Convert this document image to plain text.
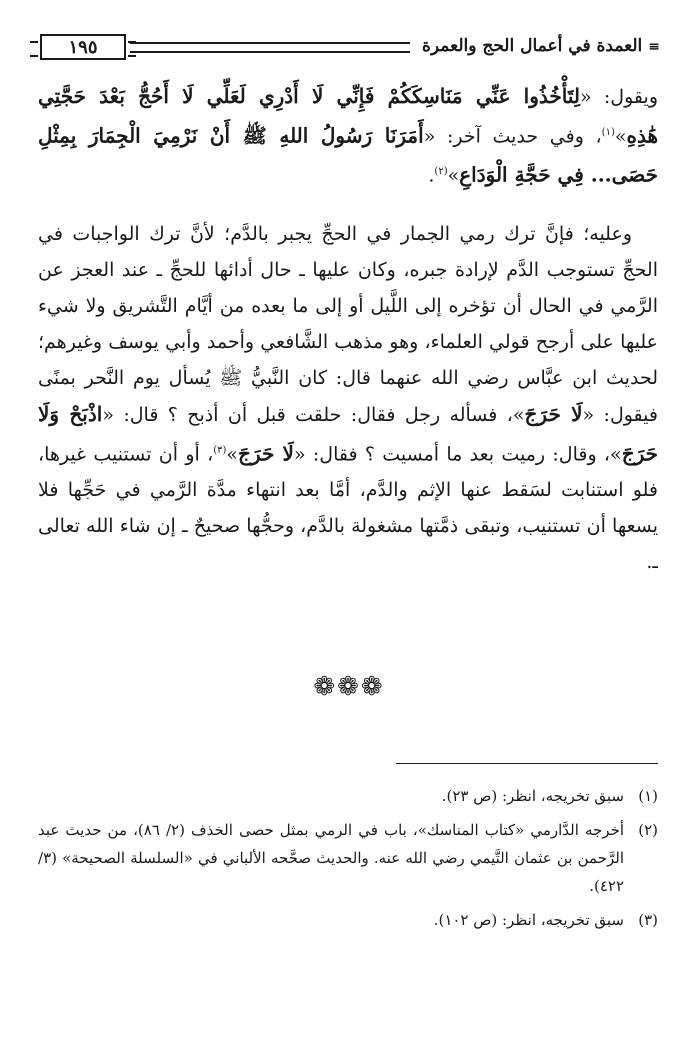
≡العمدة في أعمال الحج والعمرة
١٩٥

ويقول: «لِتَأْخُذُوا عَنِّي مَنَاسِكَكُمْ فَإِنِّي لَا أَدْرِي لَعَلِّي لَا أَحُجُّ بَعْدَ حَجَّتِي هَٰذِهِ»$^{(١)}$، وفي حديث آخر: «أَمَرَنَا رَسُولُ اللهِ ﷺ أَنْ نَرْمِيَ الْجِمَارَ بِمِثْلِ حَصَى... فِي حَجَّةِ الْوَدَاعِ»$^{(٢)}$.

وعليه؛ فإنَّ ترك رمي الجمار في الحجِّ يجبر بالدَّم؛ لأنَّ ترك الواجبات في الحجِّ تستوجب الدَّم لإرادة جبره، وكان عليها ـ حال أدائها للحجِّ ـ عند العجز عن الرَّمي في الحال أن تؤخره إلى اللَّيل أو إلى ما بعده من أيَّام التَّشريق ولا شيء عليها على أرجح قولي العلماء، وهو مذهب الشَّافعي وأحمد وأبي يوسف وغيرهم؛ لحديث ابن عبَّاس رضي الله عنهما قال: كان النَّبيُّ ﷺ يُسأل يوم النَّحر بمنًى فيقول: «لَا حَرَجَ»، فسأله رجل فقال: حلقت قبل أن أذبح ؟ قال: «اذْبَحْ وَلَا حَرَجَ»، وقال: رميت بعد ما أمسيت ؟ فقال: «لَا حَرَجَ»$^{(٣)}$، أو أن تستنيب غيرها، فلو استنابت لسَقط عنها الإثم والدَّم، أمَّا بعد انتهاء مدَّة الرَّمي في حَجِّها فلا يسعها أن تستنيب، وتبقى ذمَّتها مشغولة بالدَّم، وحجُّها صحيحٌ ـ إن شاء الله تعالى ـ.

❁❁❁
(١)
سبق تخريجه، انظر: (ص ٢٣).
(٢)
أخرجه الدَّارمي «كتاب المناسك»، باب في الرمي بمثل حصى الخذف (٢/ ٨٦)، من حديث عبد الرَّحمن بن عثمان التَّيمي رضي الله عنه. والحديث صحَّحه الألباني في «السلسلة الصحيحة» (٣/ ٤٢٢).
(٣)
سبق تخريجه، انظر: (ص ١٠٢).
